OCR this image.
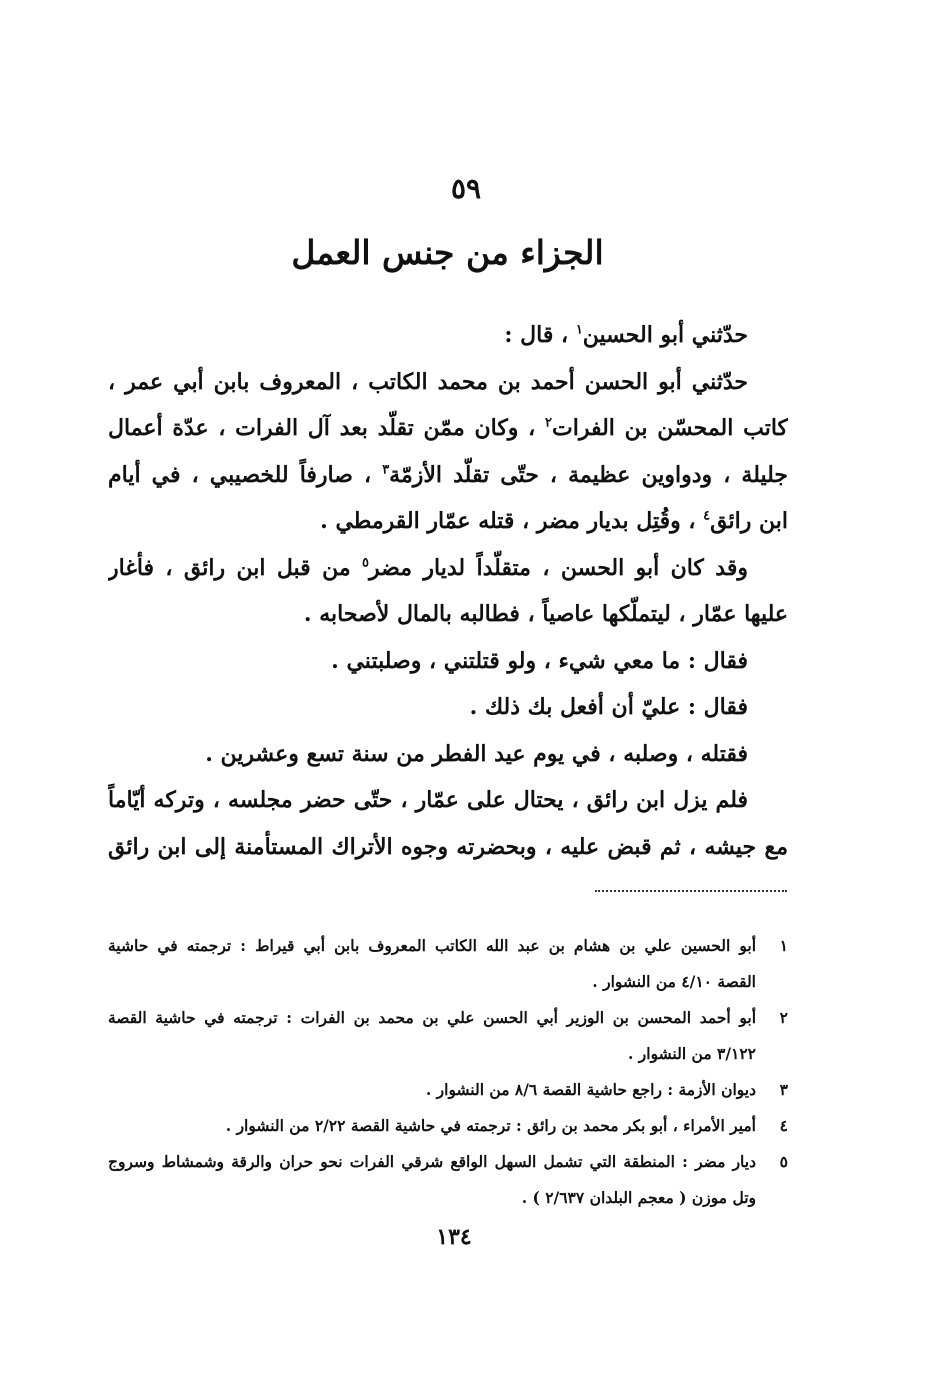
٥٩
الجزاء من جنس العمل
حدّثني أبو الحسين$^١$ ، قال :
حدّثني أبو الحسن أحمد بن محمد الكاتب ، المعروف بابن أبي عمر ،
كاتب المحسّن بن الفرات$^٢$ ، وكان ممّن تقلّد بعد آل الفرات ، عدّة أعمال
جليلة ، ودواوين عظيمة ، حتّى تقلّد الأزمّة$^٣$ ، صارفاً للخصيبي ، في أيام
ابن رائق$^٤$ ، وقُتِل بديار مضر ، قتله عمّار القرمطي .
وقد كان أبو الحسن ، متقلّداً لديار مضر$^٥$ من قبل ابن رائق ، فأغار
عليها عمّار ، ليتملّكها عاصياً ، فطالبه بالمال لأصحابه .
فقال : ما معي شيء ، ولو قتلتني ، وصلبتني .
فقال : عليّ أن أفعل بك ذلك .
فقتله ، وصلبه ، في يوم عيد الفطر من سنة تسع وعشرين .
فلم يزل ابن رائق ، يحتال على عمّار ، حتّى حضر مجلسه ، وتركه أيّاماً
مع جيشه ، ثم قبض عليه ، وبحضرته وجوه الأتراك المستأمنة إلى ابن رائق
١أبو الحسين علي بن هشام بن عبد الله الكاتب المعروف بابن أبي قيراط : ترجمته في حاشية
القصة ٤/١٠ من النشوار .
٢أبو أحمد المحسن بن الوزير أبي الحسن علي بن محمد بن الفرات : ترجمته في حاشية القصة
٣/١٢٢ من النشوار .
٣ديوان الأزمة : راجع حاشية القصة ٨/٦ من النشوار .
٤أمير الأمراء ، أبو بكر محمد بن رائق : ترجمته في حاشية القصة ٢/٢٢ من النشوار .
٥ديار مضر : المنطقة التي تشمل السهل الواقع شرقي الفرات نحو حران والرقة وشمشاط وسروج
وتل موزن ( معجم البلدان ٢/٦٣٧ ) .
١٣٤
